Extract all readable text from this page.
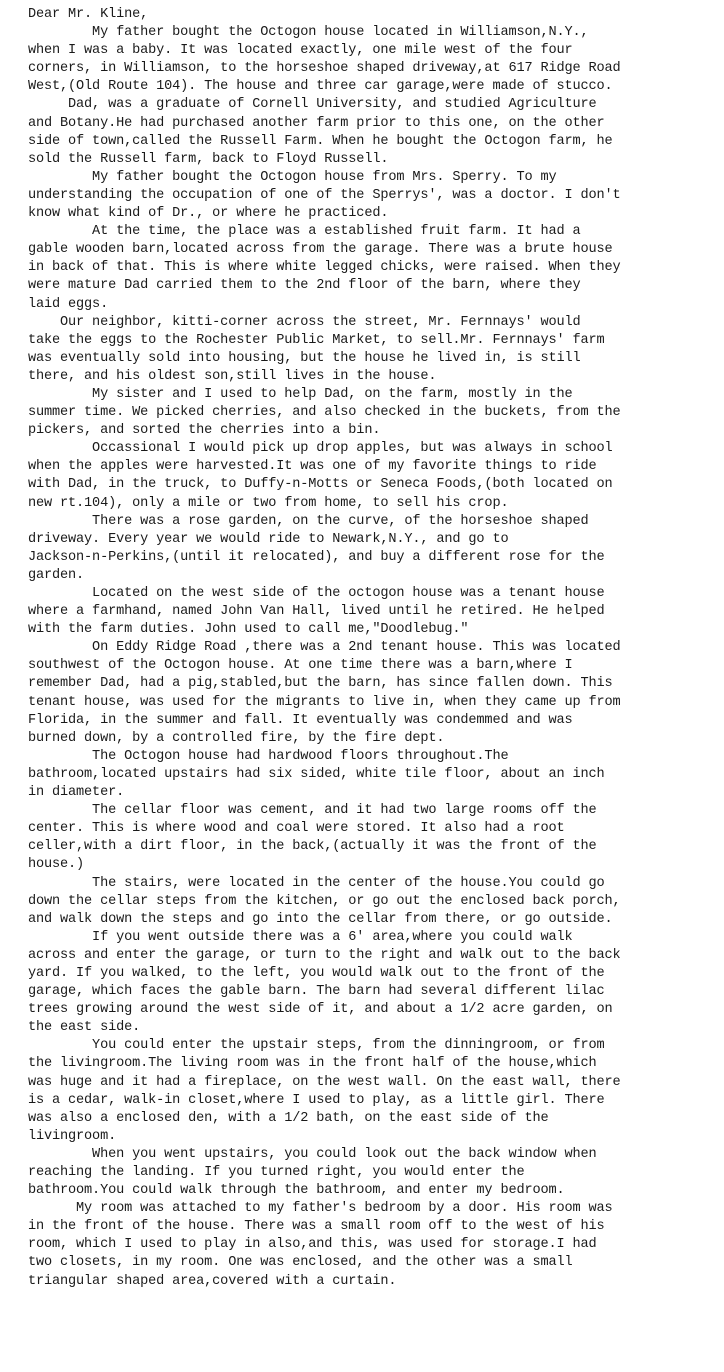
Dear Mr. Kline,
My father bought the Octogon house located in Williamson,N.Y.,
when I was a baby. It was located exactly, one mile west of the four
corners, in Williamson, to the horseshoe shaped driveway,at 617 Ridge Road
West,(Old Route 104). The house and three car garage,were made of stucco.
Dad, was a graduate of Cornell University, and studied Agriculture
and Botany.He had purchased another farm prior to this one, on the other
side of town,called the Russell Farm. When he bought the Octogon farm, he
sold the Russell farm, back to Floyd Russell.
My father bought the Octogon house from Mrs. Sperry. To my
understanding the occupation of one of the Sperrys', was a doctor. I don't
know what kind of Dr., or where he practiced.
At the time, the place was a established fruit farm. It had a
gable wooden barn,located across from the garage. There was a brute house
in back of that. This is where white legged chicks, were raised. When they
were mature Dad carried them to the 2nd floor of the barn, where they
laid eggs.
Our neighbor, kitti-corner across the street, Mr. Fernnays' would
take the eggs to the Rochester Public Market, to sell.Mr. Fernnays' farm
was eventually sold into housing, but the house he lived in, is still
there, and his oldest son,still lives in the house.
My sister and I used to help Dad, on the farm, mostly in the
summer time. We picked cherries, and also checked in the buckets, from the
pickers, and sorted the cherries into a bin.
Occassional I would pick up drop apples, but was always in school
when the apples were harvested.It was one of my favorite things to ride
with Dad, in the truck, to Duffy-n-Motts or Seneca Foods,(both located on
new rt.104), only a mile or two from home, to sell his crop.
There was a rose garden, on the curve, of the horseshoe shaped
driveway. Every year we would ride to Newark,N.Y., and go to
Jackson-n-Perkins,(until it relocated), and buy a different rose for the
garden.
Located on the west side of the octogon house was a tenant house
where a farmhand, named John Van Hall, lived until he retired. He helped
with the farm duties. John used to call me,"Doodlebug."
On Eddy Ridge Road ,there was a 2nd tenant house. This was located
southwest of the Octogon house. At one time there was a barn,where I
remember Dad, had a pig,stabled,but the barn, has since fallen down. This
tenant house, was used for the migrants to live in, when they came up from
Florida, in the summer and fall. It eventually was condemmed and was
burned down, by a controlled fire, by the fire dept.
The Octogon house had hardwood floors throughout.The
bathroom,located upstairs had six sided, white tile floor, about an inch
in diameter.
The cellar floor was cement, and it had two large rooms off the
center. This is where wood and coal were stored. It also had a root
celler,with a dirt floor, in the back,(actually it was the front of the
house.)
The stairs, were located in the center of the house.You could go
down the cellar steps from the kitchen, or go out the enclosed back porch,
and walk down the steps and go into the cellar from there, or go outside.
If you went outside there was a 6' area,where you could walk
across and enter the garage, or turn to the right and walk out to the back
yard. If you walked, to the left, you would walk out to the front of the
garage, which faces the gable barn. The barn had several different lilac
trees growing around the west side of it, and about a 1/2 acre garden, on
the east side.
You could enter the upstair steps, from the dinningroom, or from
the livingroom.The living room was in the front half of the house,which
was huge and it had a fireplace, on the west wall. On the east wall, there
is a cedar, walk-in closet,where I used to play, as a little girl. There
was also a enclosed den, with a 1/2 bath, on the east side of the
livingroom.
When you went upstairs, you could look out the back window when
reaching the landing. If you turned right, you would enter the
bathroom.You could walk through the bathroom, and enter my bedroom.
My room was attached to my father's bedroom by a door. His room was
in the front of the house. There was a small room off to the west of his
room, which I used to play in also,and this, was used for storage.I had
two closets, in my room. One was enclosed, and the other was a small
triangular shaped area,covered with a curtain.
